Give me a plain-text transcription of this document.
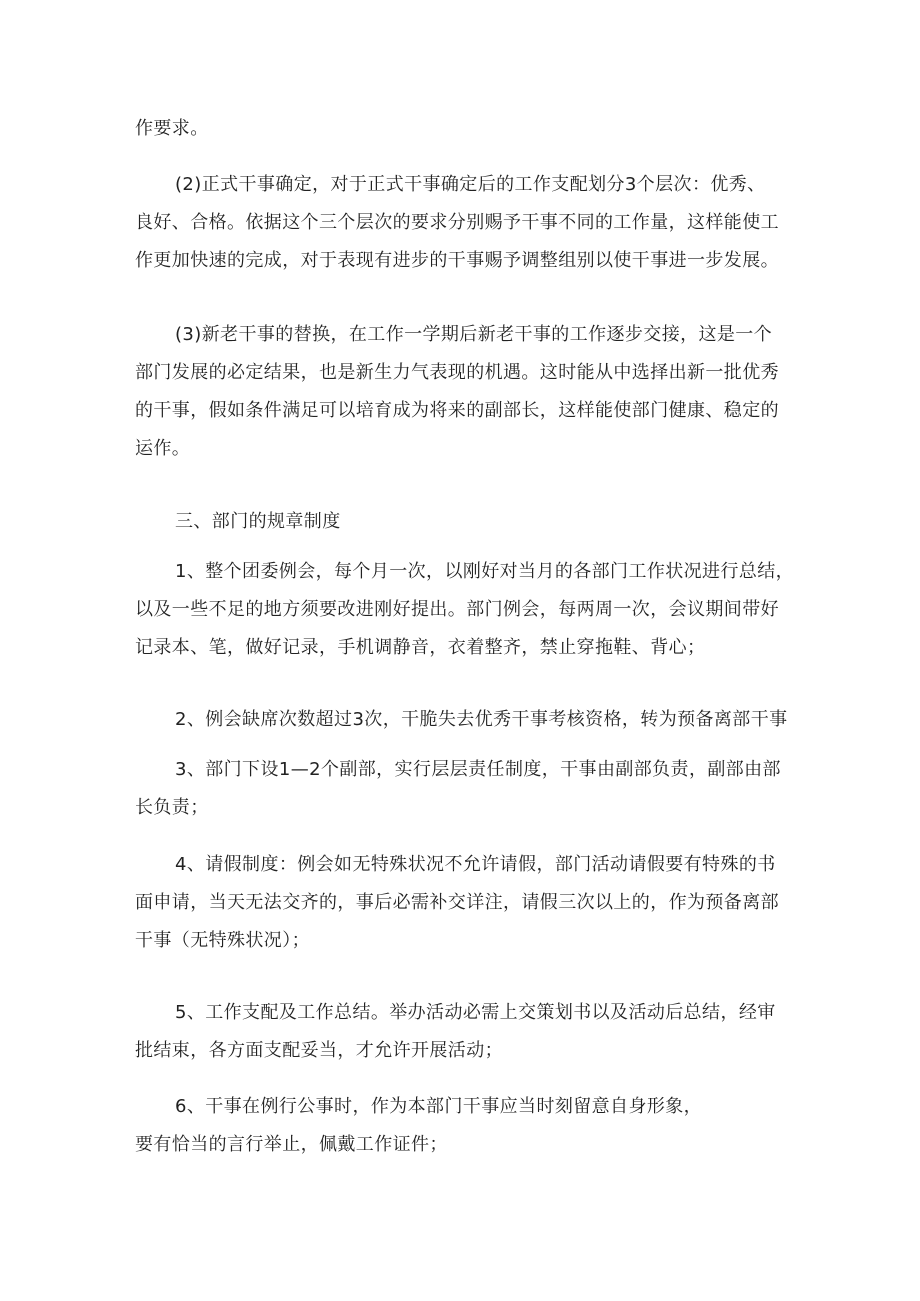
作要求。
(2)正式干事确定，对于正式干事确定后的工作支配划分3个层次：优秀、
良好、合格。依据这个三个层次的要求分别赐予干事不同的工作量，这样能使工
作更加快速的完成，对于表现有进步的干事赐予调整组别以使干事进一步发展。
(3)新老干事的替换，在工作一学期后新老干事的工作逐步交接，这是一个
部门发展的必定结果，也是新生力气表现的机遇。这时能从中选择出新一批优秀
的干事，假如条件满足可以培育成为将来的副部长，这样能使部门健康、稳定的
运作。
三、部门的规章制度
1、整个团委例会，每个月一次，以刚好对当月的各部门工作状况进行总结，
以及一些不足的地方须要改进刚好提出。部门例会，每两周一次，会议期间带好
记录本、笔，做好记录，手机调静音，衣着整齐，禁止穿拖鞋、背心；
2、例会缺席次数超过3次，干脆失去优秀干事考核资格，转为预备离部干事
3、部门下设1—2个副部，实行层层责任制度，干事由副部负责，副部由部
长负责；
4、请假制度：例会如无特殊状况不允许请假，部门活动请假要有特殊的书
面申请，当天无法交齐的，事后必需补交详注，请假三次以上的，作为预备离部
干事（无特殊状况）；
5、工作支配及工作总结。举办活动必需上交策划书以及活动后总结，经审
批结束，各方面支配妥当，才允许开展活动；
6、干事在例行公事时，作为本部门干事应当时刻留意自身形象，
要有恰当的言行举止，佩戴工作证件；
